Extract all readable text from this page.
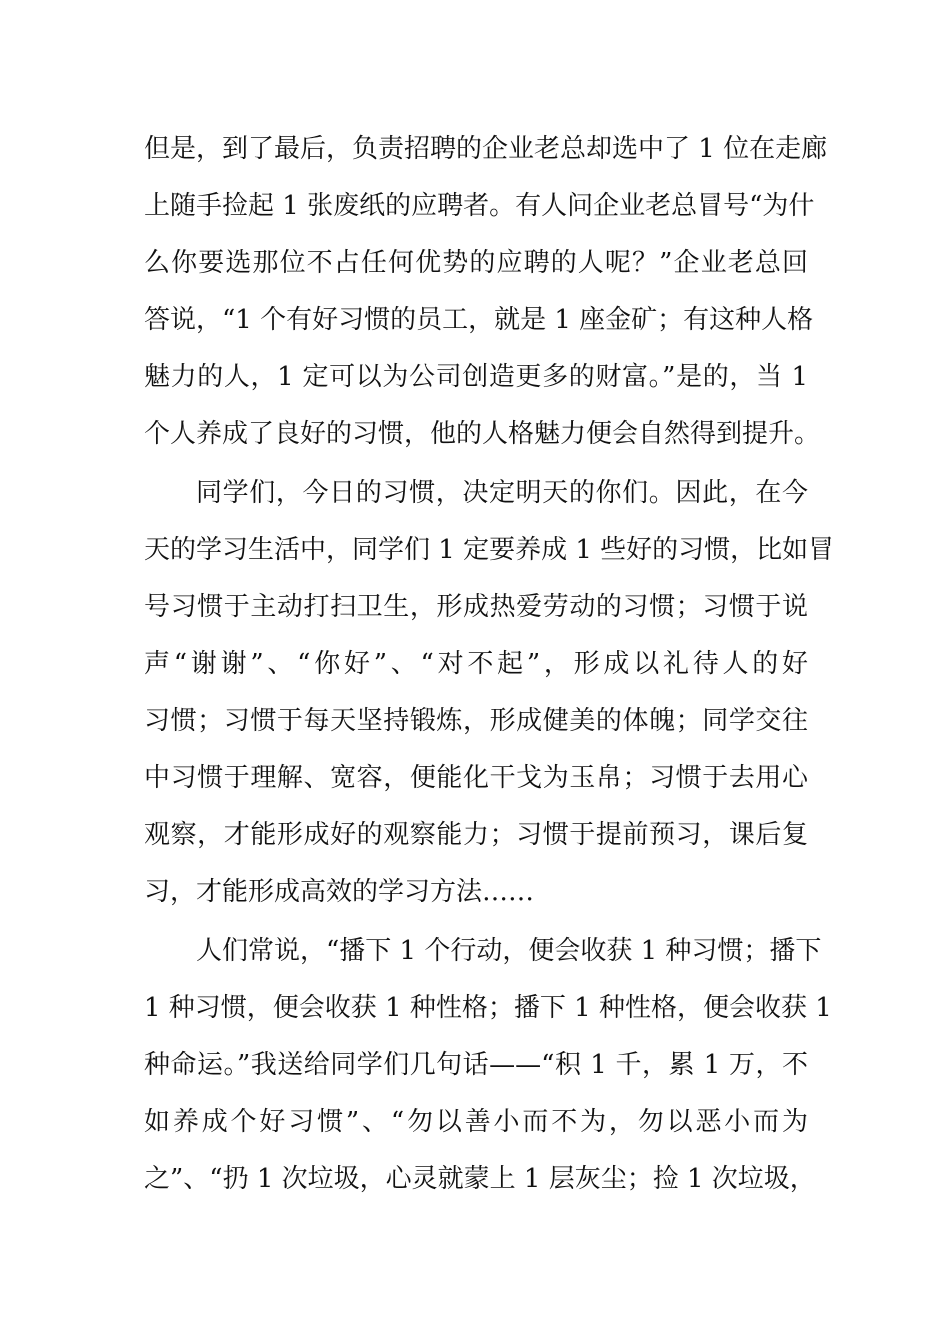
但是，到了最后，负责招聘的企业老总却选中了 1 位在走廊
上随手捡起 1 张废纸的应聘者。有人问企业老总冒号“为什
么你要选那位不占任何优势的应聘的人呢？”企业老总回
答说，“1 个有好习惯的员工，就是 1 座金矿；有这种人格
魅力的人，1 定可以为公司创造更多的财富。”是的，当 1
个人养成了良好的习惯，他的人格魅力便会自然得到提升。
同学们，今日的习惯，决定明天的你们。因此，在今
天的学习生活中，同学们 1 定要养成 1 些好的习惯，比如冒
号习惯于主动打扫卫生，形成热爱劳动的习惯；习惯于说
声“谢谢”、“你好”、“对不起”，形成以礼待人的好
习惯；习惯于每天坚持锻炼，形成健美的体魄；同学交往
中习惯于理解、宽容，便能化干戈为玉帛；习惯于去用心
观察，才能形成好的观察能力；习惯于提前预习，课后复
习，才能形成高效的学习方法……
人们常说，“播下 1 个行动，便会收获 1 种习惯；播下
1 种习惯，便会收获 1 种性格；播下 1 种性格，便会收获 1
种命运。”我送给同学们几句话——“积 1 千，累 1 万，不
如养成个好习惯”、“勿以善小而不为，勿以恶小而为
之”、“扔 1 次垃圾，心灵就蒙上 1 层灰尘；捡 1 次垃圾，
